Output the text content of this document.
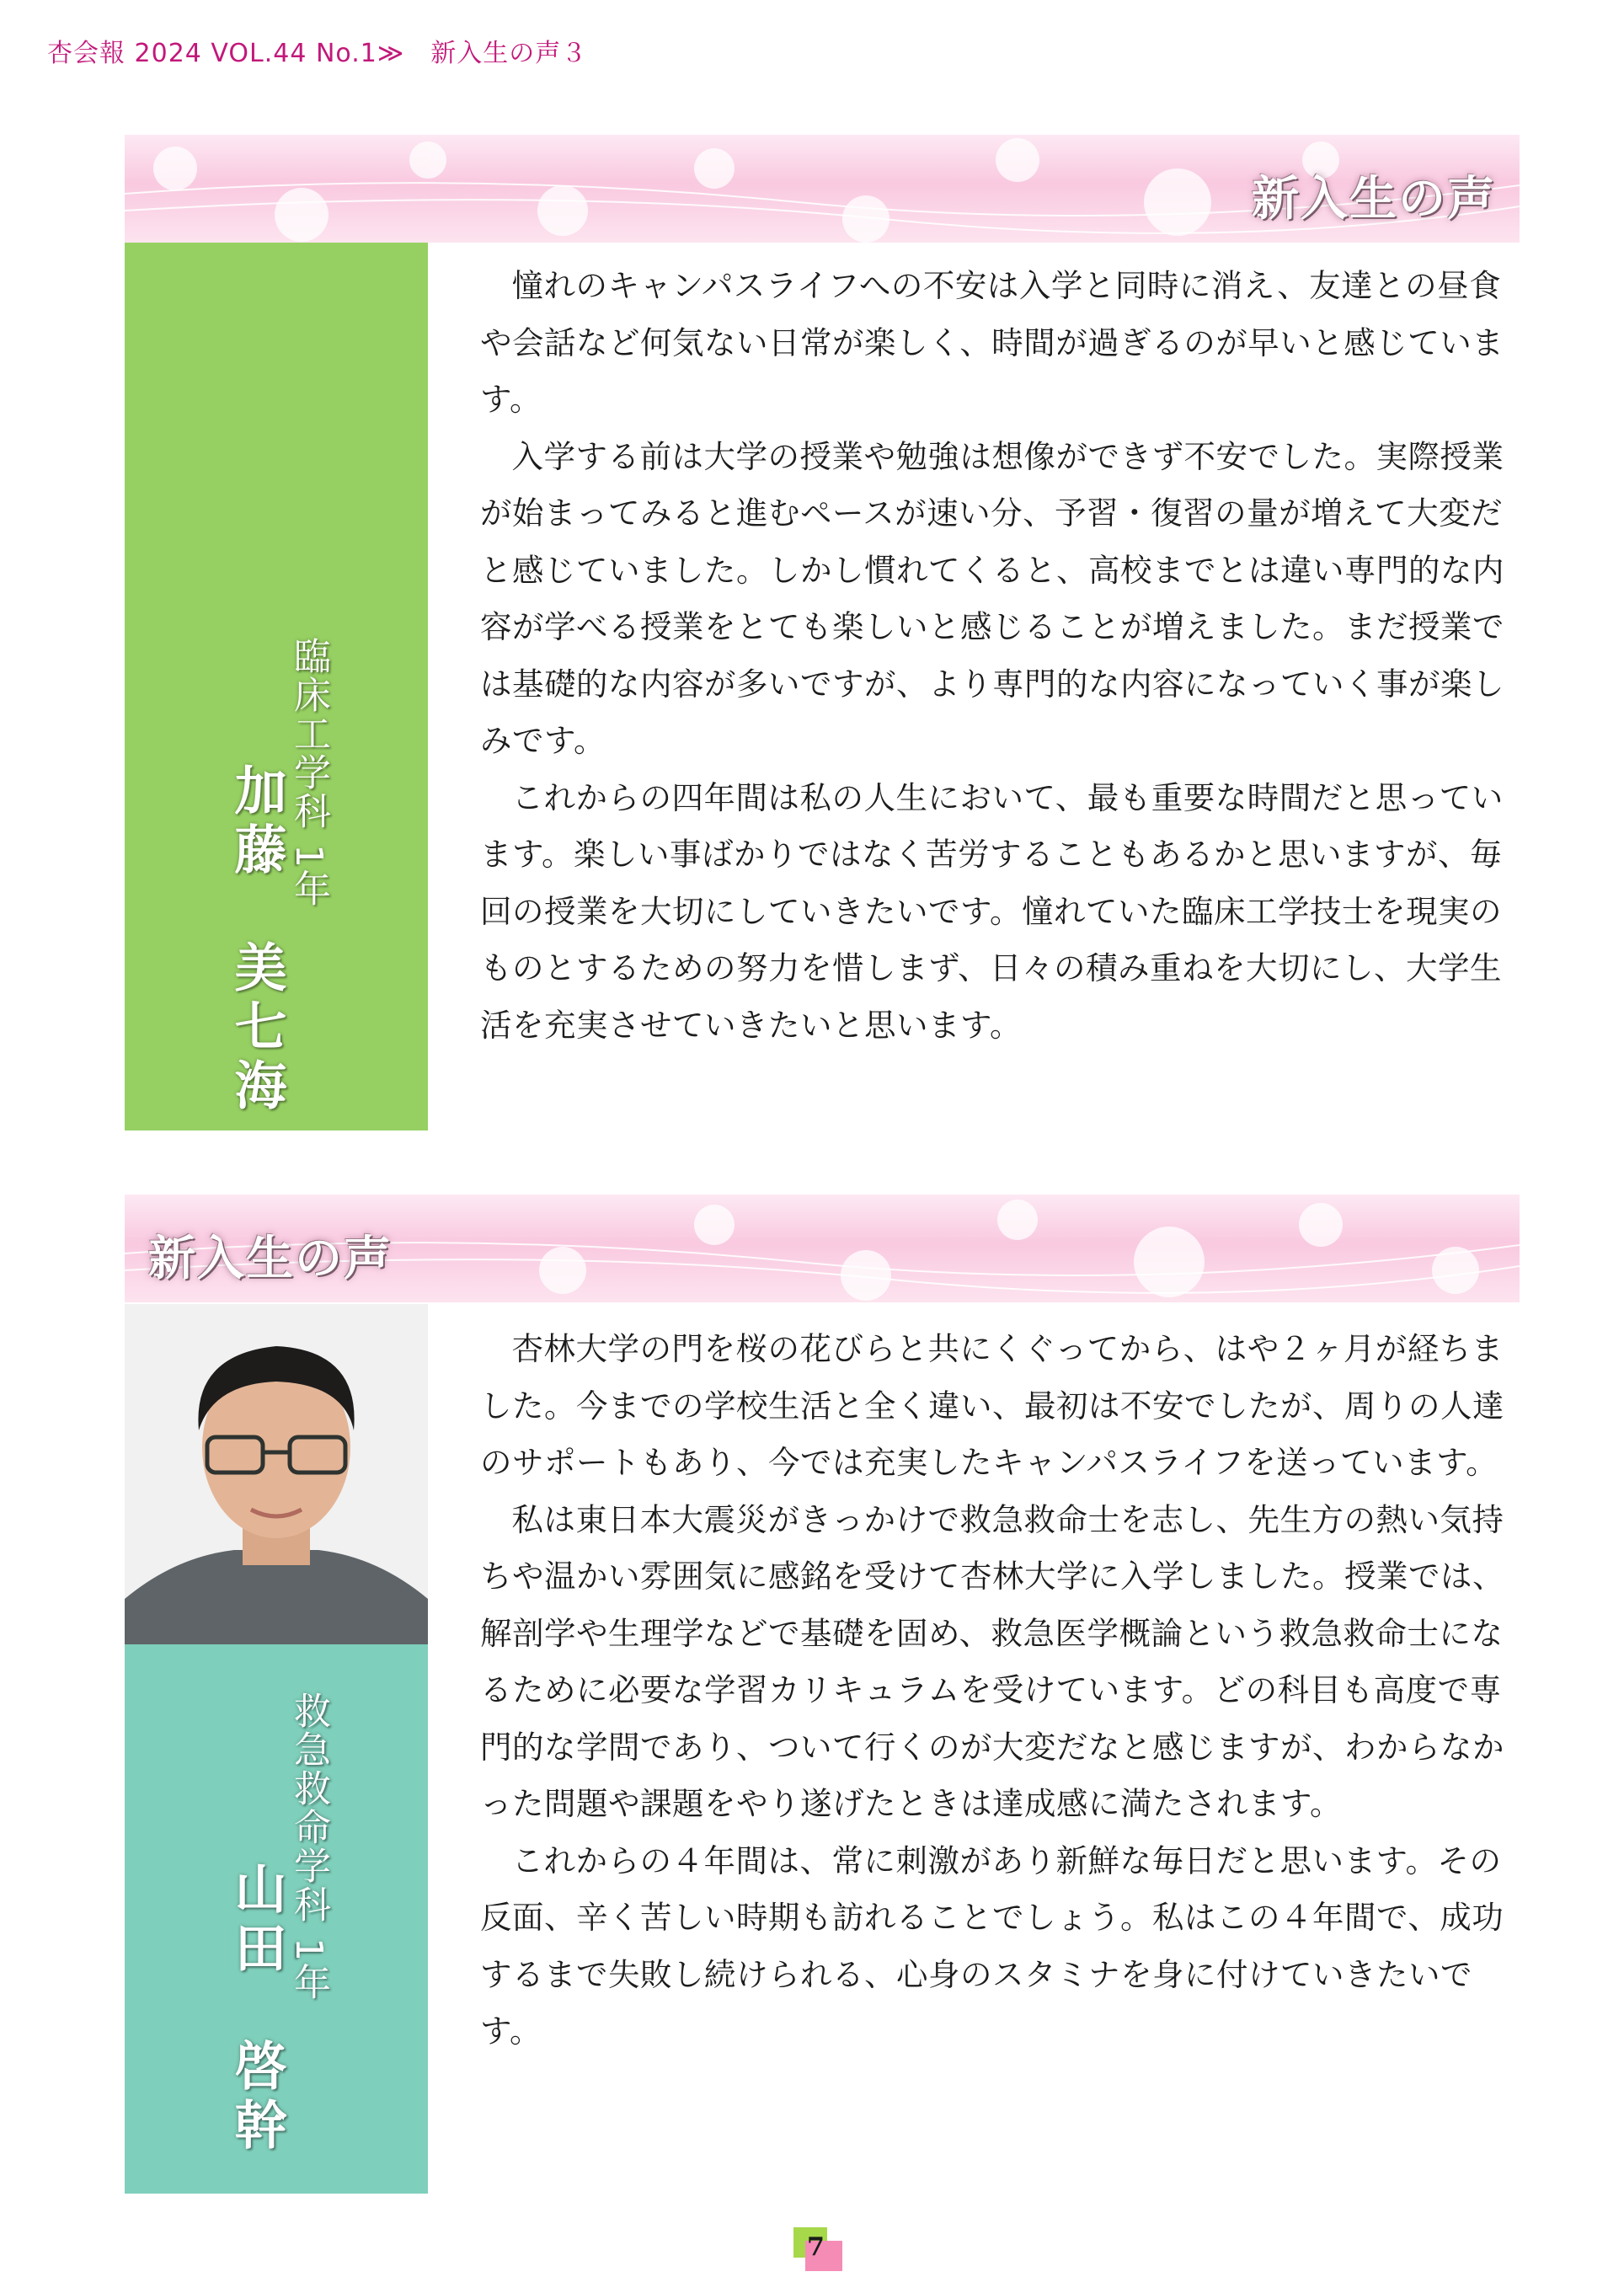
杏会報 2024 VOL.44 No.1≫　新入生の声３
新入生の声
臨床工学科 1年
加藤　美七海

憧れのキャンパスライフへの不安は入学と同時に消え、友達との昼食や会話など何気ない日常が楽しく、時間が過ぎるのが早いと感じています。

入学する前は大学の授業や勉強は想像ができず不安でした。実際授業が始まってみると進むペースが速い分、予習・復習の量が増えて大変だと感じていました。しかし慣れてくると、高校までとは違い専門的な内容が学べる授業をとても楽しいと感じることが増えました。まだ授業では基礎的な内容が多いですが、より専門的な内容になっていく事が楽しみです。

これからの四年間は私の人生において、最も重要な時間だと思っています。楽しい事ばかりではなく苦労することもあるかと思いますが、毎回の授業を大切にしていきたいです。憧れていた臨床工学技士を現実のものとするための努力を惜しまず、日々の積み重ねを大切にし、大学生活を充実させていきたいと思います。

新入生の声
救急救命学科 1年
山田　啓幹

杏林大学の門を桜の花びらと共にくぐってから、はや２ヶ月が経ちました。今までの学校生活と全く違い、最初は不安でしたが、周りの人達のサポートもあり、今では充実したキャンパスライフを送っています。

私は東日本大震災がきっかけで救急救命士を志し、先生方の熱い気持ちや温かい雰囲気に感銘を受けて杏林大学に入学しました。授業では、解剖学や生理学などで基礎を固め、救急医学概論という救急救命士になるために必要な学習カリキュラムを受けています。どの科目も高度で専門的な学問であり、ついて行くのが大変だなと感じますが、わからなかった問題や課題をやり遂げたときは達成感に満たされます。

これからの４年間は、常に刺激があり新鮮な毎日だと思います。その反面、辛く苦しい時期も訪れることでしょう。私はこの４年間で、成功するまで失敗し続けられる、心身のスタミナを身に付けていきたいです。

7
